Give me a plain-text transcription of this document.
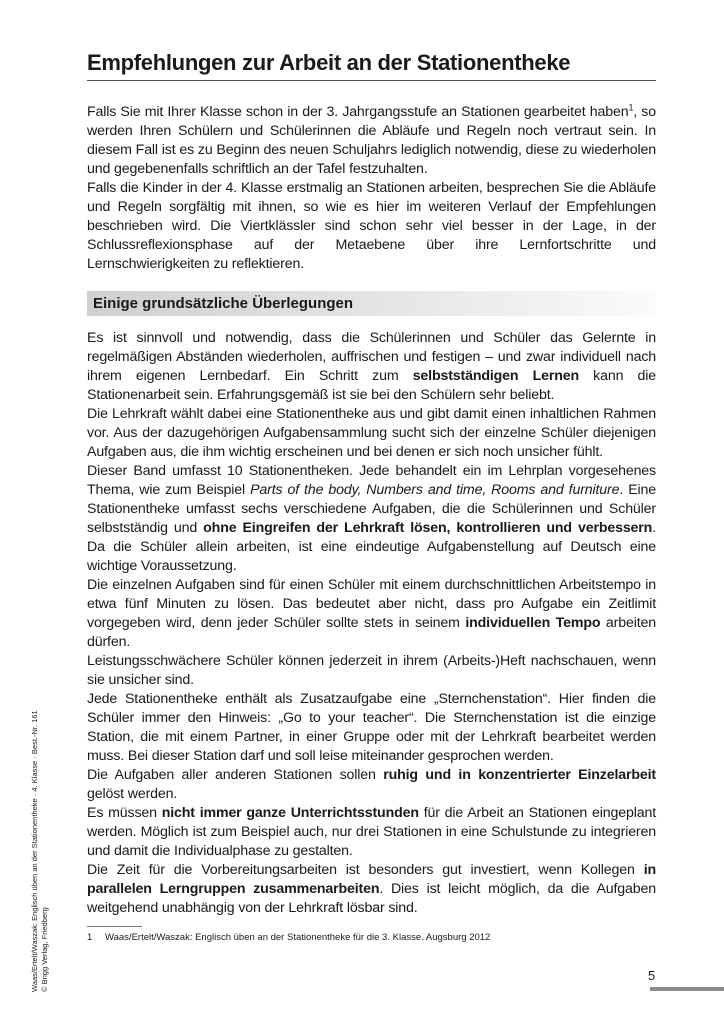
Empfehlungen zur Arbeit an der Stationentheke

Falls Sie mit Ihrer Klasse schon in der 3. Jahrgangsstufe an Stationen gearbeitet haben$^1$, so werden Ihren Schülern und Schülerinnen die Abläufe und Regeln noch vertraut sein. In diesem Fall ist es zu Beginn des neuen Schuljahrs lediglich notwendig, diese zu wiederholen und gegebenenfalls schriftlich an der Tafel festzuhalten.

Falls die Kinder in der 4. Klasse erstmalig an Stationen arbeiten, besprechen Sie die Abläufe und Regeln sorgfältig mit ihnen, so wie es hier im weiteren Verlauf der Empfehlungen beschrieben wird. Die Viertklässler sind schon sehr viel besser in der Lage, in der Schlussreflexionsphase auf der Metaebene über ihre Lernfortschritte und Lernschwierigkeiten zu reflektieren.

Einige grundsätzliche Überlegungen

Es ist sinnvoll und notwendig, dass die Schülerinnen und Schüler das Gelernte in regelmäßigen Abständen wiederholen, auffrischen und festigen – und zwar individuell nach ihrem eigenen Lernbedarf. Ein Schritt zum selbstständigen Lernen kann die Stationenarbeit sein. Erfahrungsgemäß ist sie bei den Schülern sehr beliebt.

Die Lehrkraft wählt dabei eine Stationentheke aus und gibt damit einen inhaltlichen Rahmen vor. Aus der dazugehörigen Aufgabensammlung sucht sich der einzelne Schüler diejenigen Aufgaben aus, die ihm wichtig erscheinen und bei denen er sich noch unsicher fühlt.

Dieser Band umfasst 10 Stationentheken. Jede behandelt ein im Lehrplan vorgesehenes Thema, wie zum Beispiel Parts of the body, Numbers and time, Rooms and furniture. Eine Stationentheke umfasst sechs verschiedene Aufgaben, die die Schülerinnen und Schüler selbstständig und ohne Eingreifen der Lehrkraft lösen, kontrollieren und verbessern. Da die Schüler allein arbeiten, ist eine eindeutige Aufgabenstellung auf Deutsch eine wichtige Voraussetzung.

Die einzelnen Aufgaben sind für einen Schüler mit einem durchschnittlichen Arbeitstempo in etwa fünf Minuten zu lösen. Das bedeutet aber nicht, dass pro Aufgabe ein Zeitlimit vorgegeben wird, denn jeder Schüler sollte stets in seinem individuellen Tempo arbeiten dürfen.

Leistungsschwächere Schüler können jederzeit in ihrem (Arbeits-)Heft nachschauen, wenn sie unsicher sind.

Jede Stationentheke enthält als Zusatzaufgabe eine „Sternchenstation“. Hier finden die Schüler immer den Hinweis: „Go to your teacher“. Die Sternchenstation ist die einzige Station, die mit einem Partner, in einer Gruppe oder mit der Lehrkraft bearbeitet werden muss. Bei dieser Station darf und soll leise miteinander gesprochen werden.

Die Aufgaben aller anderen Stationen sollen ruhig und in konzentrierter Einzelarbeit gelöst werden.

Es müssen nicht immer ganze Unterrichtsstunden für die Arbeit an Stationen eingeplant werden. Möglich ist zum Beispiel auch, nur drei Stationen in eine Schulstunde zu integrieren und damit die Individualphase zu gestalten.

Die Zeit für die Vorbereitungsarbeiten ist besonders gut investiert, wenn Kollegen in parallelen Lerngruppen zusammenarbeiten. Dies ist leicht möglich, da die Aufgaben weitgehend unabhängig von der Lehrkraft lösbar sind.

1 Waas/Ertelt/Waszak: Englisch üben an der Stationentheke für die 3. Klasse. Augsburg 2012
Waas/Ertelt/Waszak: Englisch üben an der Stationentheke · 4. Klasse · Best.-Nr. 161 © Brigg Verlag, Friedberg	5
